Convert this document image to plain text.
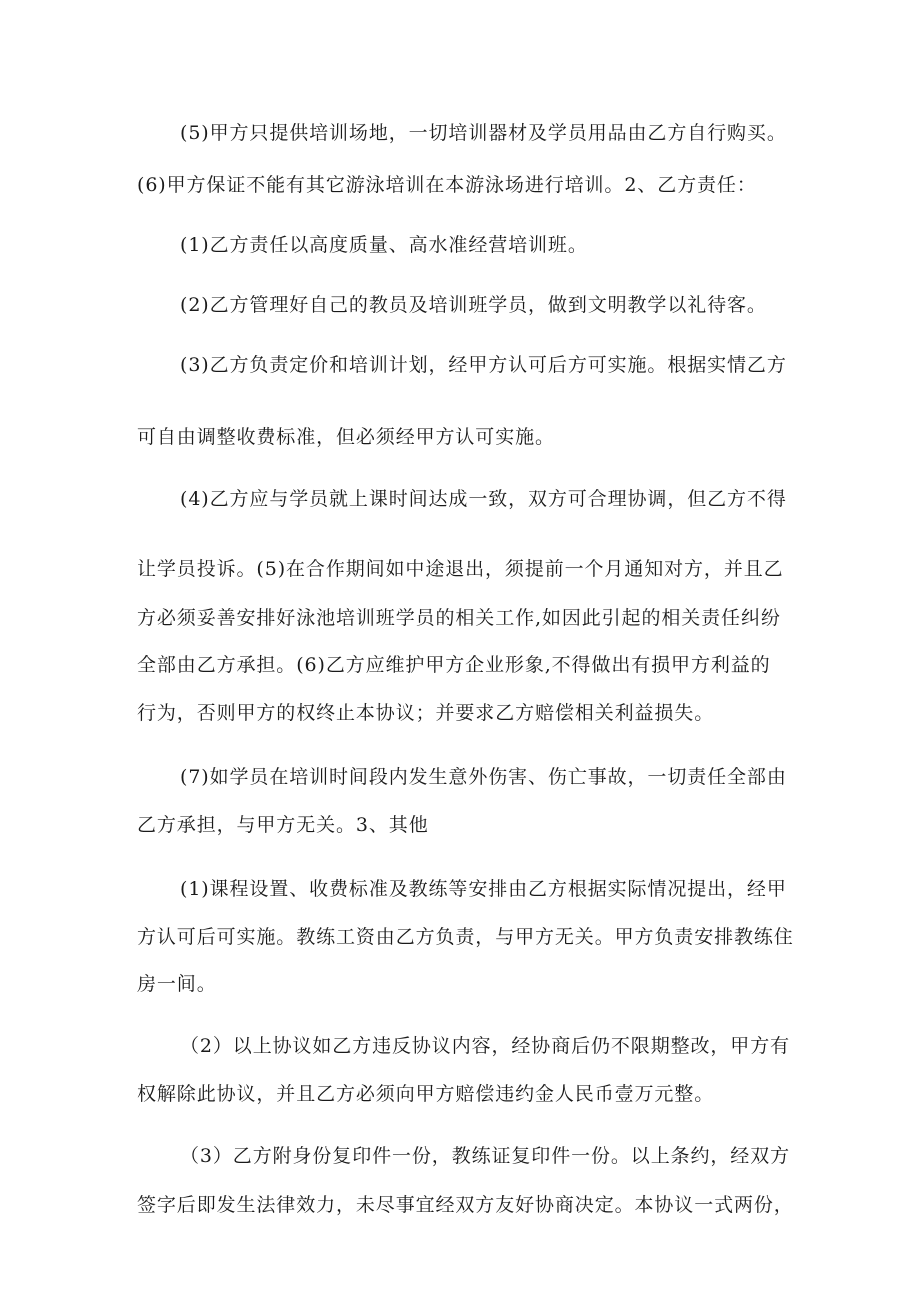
(5)甲方只提供培训场地，一切培训器材及学员用品由乙方自行购买。
(6)甲方保证不能有其它游泳培训在本游泳场进行培训。2、乙方责任：
(1)乙方责任以高度质量、高水准经营培训班。
(2)乙方管理好自己的教员及培训班学员，做到文明教学以礼待客。
(3)乙方负责定价和培训计划，经甲方认可后方可实施。根据实情乙方
可自由调整收费标准，但必须经甲方认可实施。
(4)乙方应与学员就上课时间达成一致，双方可合理协调，但乙方不得
让学员投诉。(5)在合作期间如中途退出，须提前一个月通知对方，并且乙
方必须妥善安排好泳池培训班学员的相关工作,如因此引起的相关责任纠纷
全部由乙方承担。(6)乙方应维护甲方企业形象,不得做出有损甲方利益的
行为，否则甲方的权终止本协议；并要求乙方赔偿相关利益损失。
(7)如学员在培训时间段内发生意外伤害、伤亡事故，一切责任全部由
乙方承担，与甲方无关。3、其他
(1)课程设置、收费标准及教练等安排由乙方根据实际情况提出，经甲
方认可后可实施。教练工资由乙方负责，与甲方无关。甲方负责安排教练住
房一间。
（2）以上协议如乙方违反协议内容，经协商后仍不限期整改，甲方有
权解除此协议，并且乙方必须向甲方赔偿违约金人民币壹万元整。
（3）乙方附身份复印件一份，教练证复印件一份。以上条约，经双方
签字后即发生法律效力，未尽事宜经双方友好协商决定。本协议一式两份，
